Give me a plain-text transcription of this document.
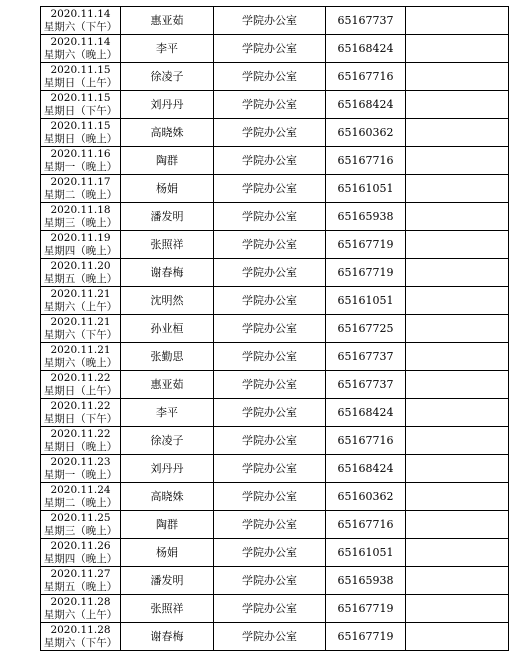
2020.11.14
星期六（下午）	惠亚茹	学院办公室	65167737	

2020.11.14
星期六（晚上）	李平	学院办公室	65168424	

2020.11.15
星期日（上午）	徐凌子	学院办公室	65167716	

2020.11.15
星期日（下午）	刘丹丹	学院办公室	65168424	

2020.11.15
星期日（晚上）	高晓姝	学院办公室	65160362	

2020.11.16
星期一（晚上）	陶群	学院办公室	65167716	

2020.11.17
星期二（晚上）	杨娟	学院办公室	65161051	

2020.11.18
星期三（晚上）	潘发明	学院办公室	65165938	

2020.11.19
星期四（晚上）	张照祥	学院办公室	65167719	

2020.11.20
星期五（晚上）	谢春梅	学院办公室	65167719	

2020.11.21
星期六（上午）	沈明然	学院办公室	65161051	

2020.11.21
星期六（下午）	孙业桓	学院办公室	65167725	

2020.11.21
星期六（晚上）	张勤思	学院办公室	65167737	

2020.11.22
星期日（上午）	惠亚茹	学院办公室	65167737	

2020.11.22
星期日（下午）	李平	学院办公室	65168424	

2020.11.22
星期日（晚上）	徐凌子	学院办公室	65167716	

2020.11.23
星期一（晚上）	刘丹丹	学院办公室	65168424	

2020.11.24
星期二（晚上）	高晓姝	学院办公室	65160362	

2020.11.25
星期三（晚上）	陶群	学院办公室	65167716	

2020.11.26
星期四（晚上）	杨娟	学院办公室	65161051	

2020.11.27
星期五（晚上）	潘发明	学院办公室	65165938	

2020.11.28
星期六（上午）	张照祥	学院办公室	65167719	

2020.11.28
星期六（下午）	谢春梅	学院办公室	65167719	
